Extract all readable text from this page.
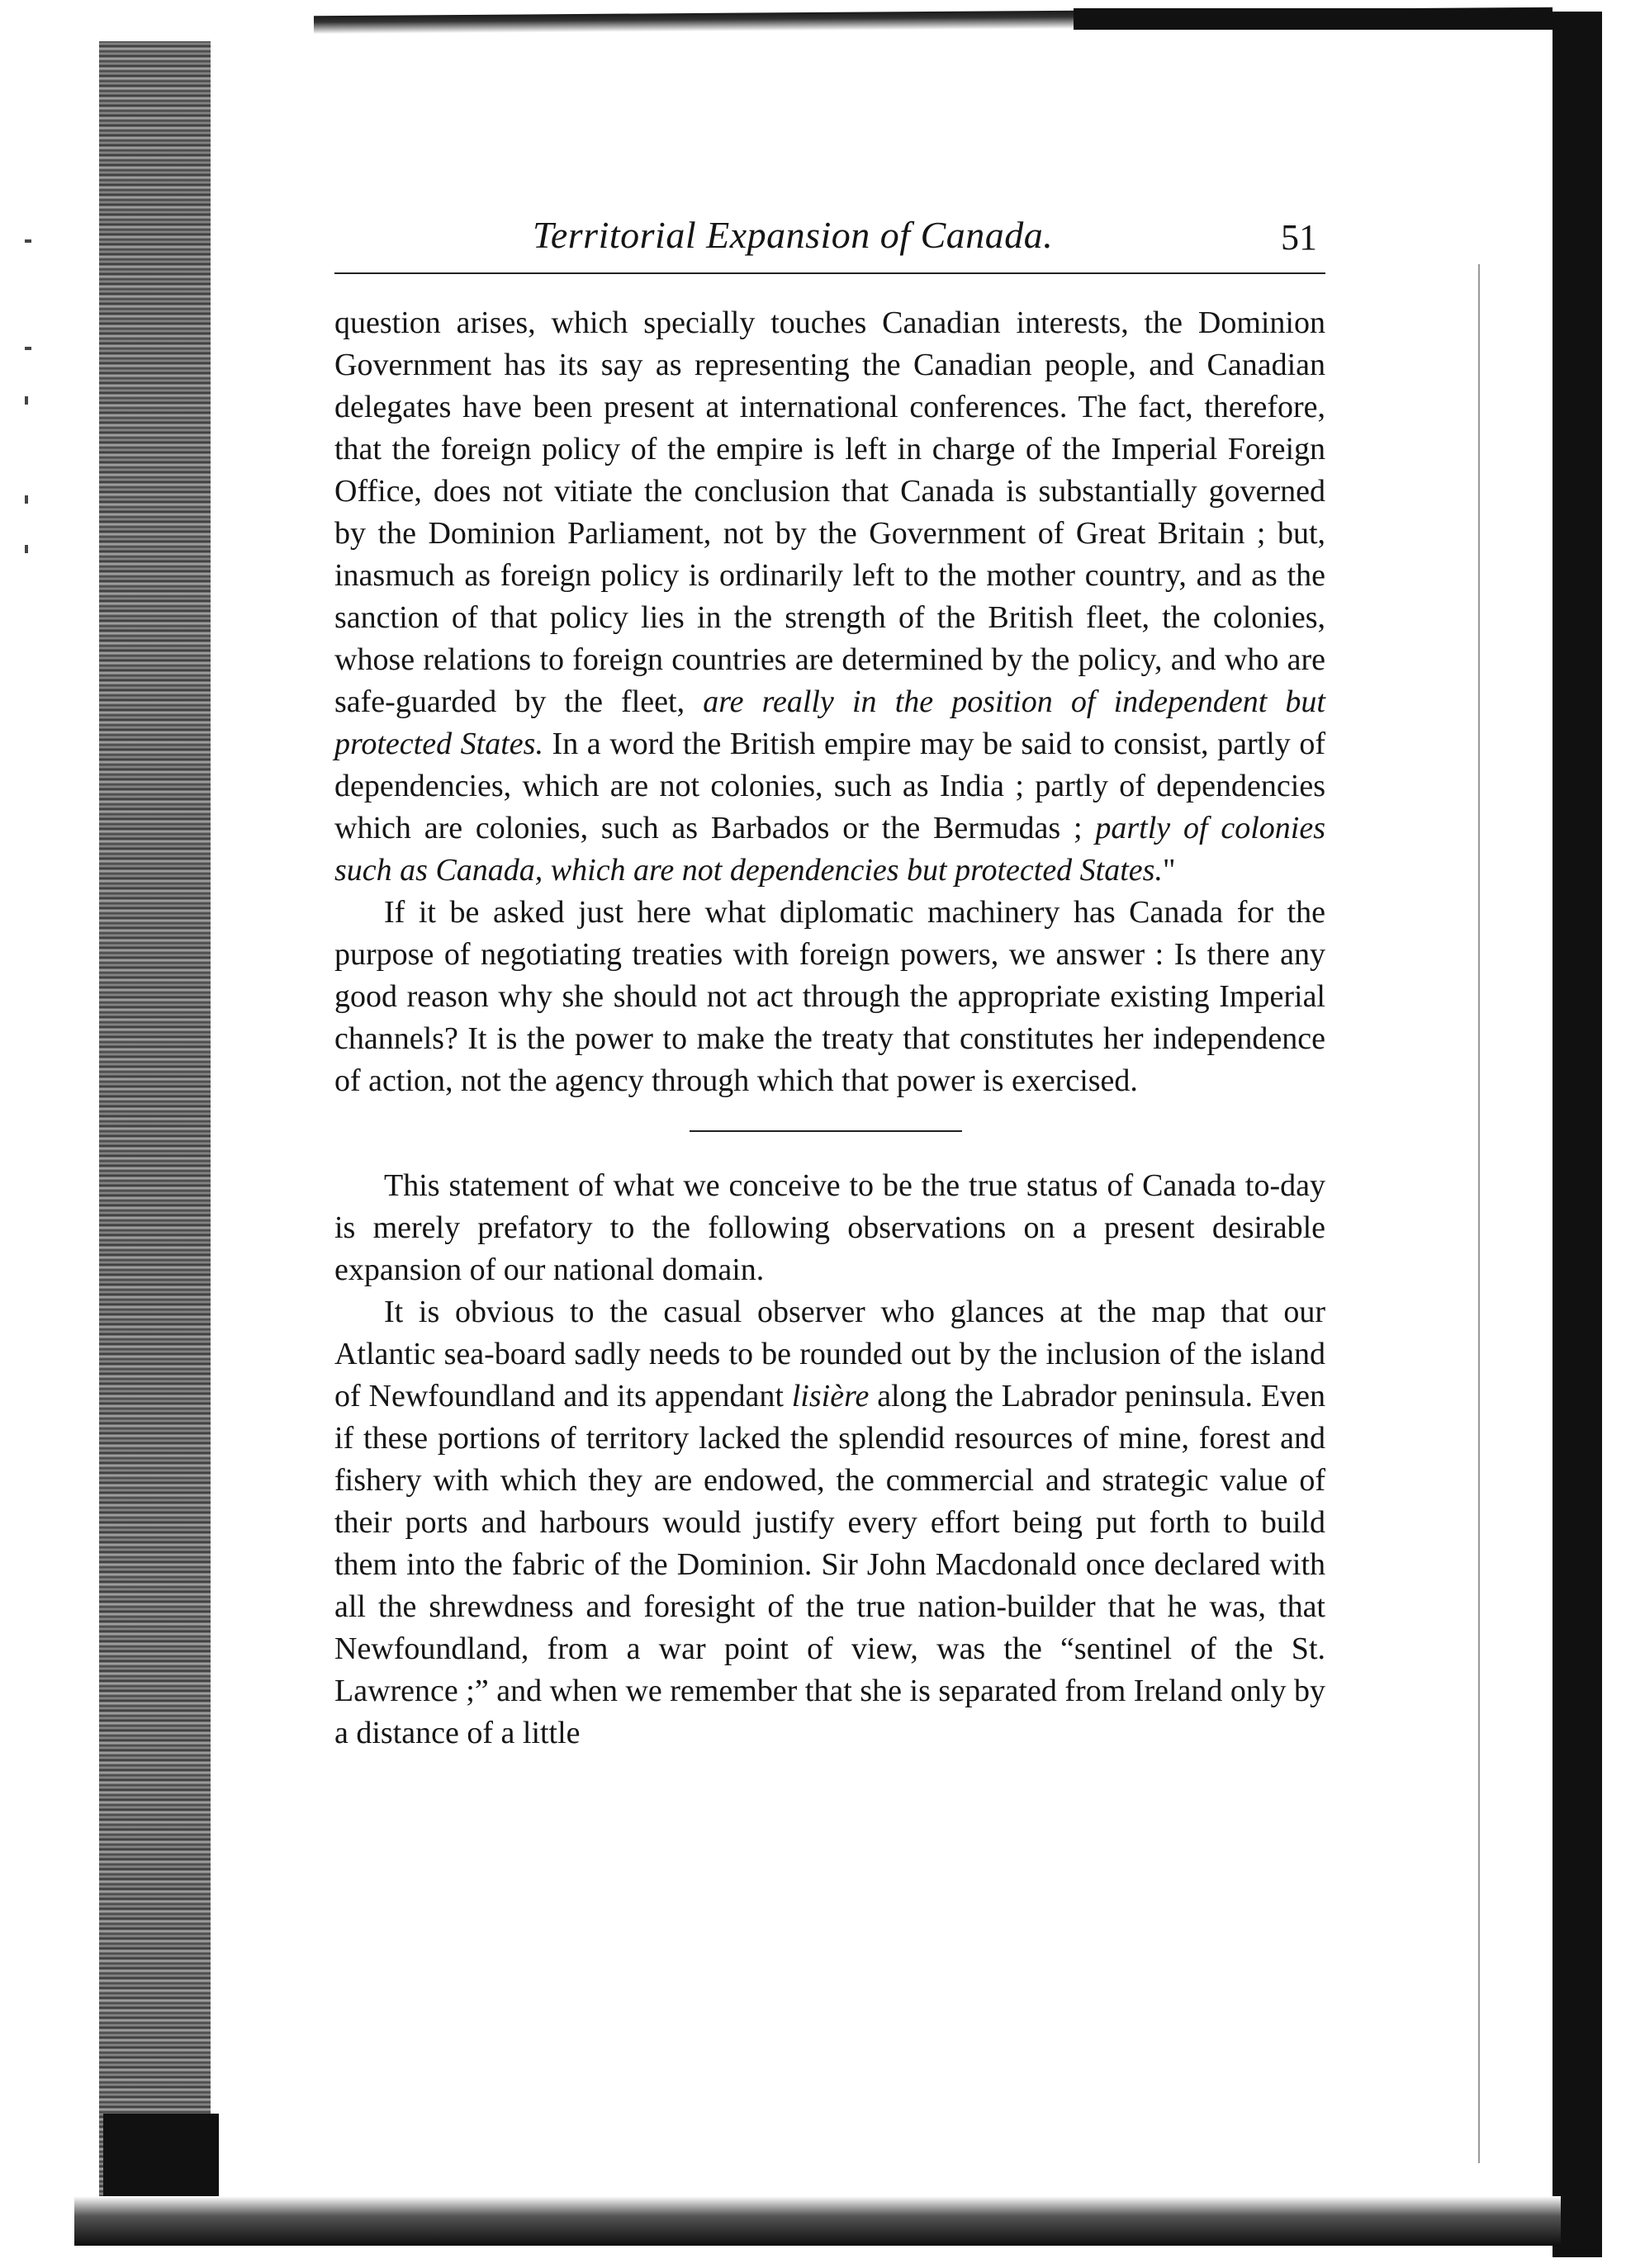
Territorial Expansion of Canada.	51

question arises, which specially touches Canadian interests, the Dominion Government has its say as representing the Canadian people, and Canadian delegates have been present at international conferences. The fact, therefore, that the foreign policy of the empire is left in charge of the Imperial Foreign Office, does not vitiate the conclusion that Canada is substantially governed by the Dominion Parliament, not by the Government of Great Britain ; but, inasmuch as foreign policy is ordinarily left to the mother country, and as the sanction of that policy lies in the strength of the British fleet, the colonies, whose relations to foreign countries are determined by the policy, and who are safe-guarded by the fleet, are really in the position of independent but protected States. In a word the British empire may be said to consist, partly of dependencies, which are not colonies, such as India ; partly of dependencies which are colonies, such as Barbados or the Bermudas ; partly of colonies such as Canada, which are not dependencies but protected States."

If it be asked just here what diplomatic machinery has Canada for the purpose of negotiating treaties with foreign powers, we answer : Is there any good reason why she should not act through the appropriate existing Imperial channels? It is the power to make the treaty that constitutes her independence of action, not the agency through which that power is exercised.

This statement of what we conceive to be the true status of Canada to-day is merely prefatory to the following observations on a present desirable expansion of our national domain.

It is obvious to the casual observer who glances at the map that our Atlantic sea-board sadly needs to be rounded out by the inclusion of the island of Newfoundland and its appendant lisière along the Labrador peninsula. Even if these portions of territory lacked the splendid resources of mine, forest and fishery with which they are endowed, the commercial and strategic value of their ports and harbours would justify every effort being put forth to build them into the fabric of the Dominion. Sir John Macdonald once declared with all the shrewdness and foresight of the true nation-builder that he was, that Newfoundland, from a war point of view, was the “sentinel of the St. Lawrence ;” and when we remember that she is separated from Ireland only by a distance of a little
